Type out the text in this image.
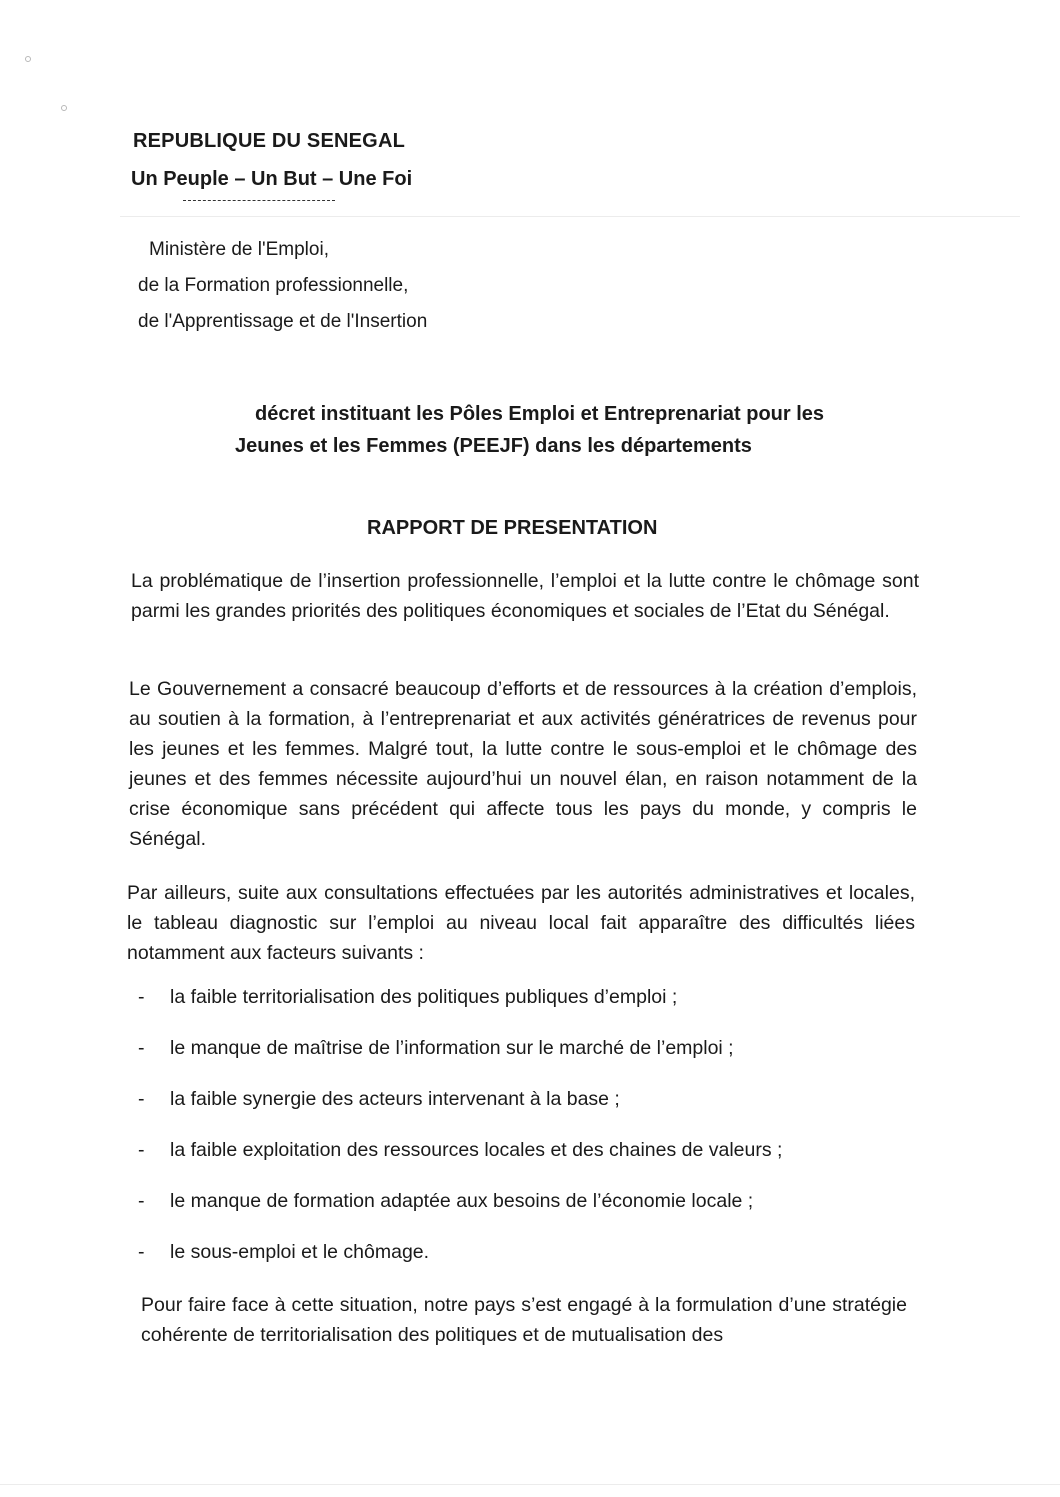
REPUBLIQUE DU SENEGAL
Un Peuple – Un But – Une Foi
Ministère de l'Emploi,
de la Formation professionnelle,
de l'Apprentissage et de l'Insertion
décret instituant les Pôles Emploi et Entreprenariat pour les
Jeunes et les Femmes (PEEJF) dans les départements
RAPPORT DE PRESENTATION

La problématique de l’insertion professionnelle, l’emploi et la lutte contre le chômage sont parmi les grandes priorités des politiques économiques et sociales de l’Etat du Sénégal.

Le Gouvernement a consacré beaucoup d’efforts et de ressources à la création d’emplois, au soutien à la formation, à l’entreprenariat et aux activités génératrices de revenus pour les jeunes et les femmes. Malgré tout, la lutte contre le sous-emploi et le chômage des jeunes et des femmes nécessite aujourd’hui un nouvel élan, en raison notamment de la crise économique sans précédent qui affecte tous les pays du monde, y compris le Sénégal.

Par ailleurs, suite aux consultations effectuées par les autorités administratives et locales, le tableau diagnostic sur l’emploi au niveau local fait apparaître des difficultés liées notamment aux facteurs suivants :

-	la faible territorialisation des politiques publiques d’emploi ;
-	le manque de maîtrise de l’information sur le marché de l’emploi ;
-	la faible synergie des acteurs intervenant à la base ;
-	la faible exploitation des ressources locales et des chaines de valeurs ;
-	le manque de formation adaptée aux besoins de l’économie locale ;
-	le sous-emploi et le chômage.

Pour faire face à cette situation, notre pays s’est engagé à la formulation d’une stratégie cohérente de territorialisation des politiques et de mutualisation des
